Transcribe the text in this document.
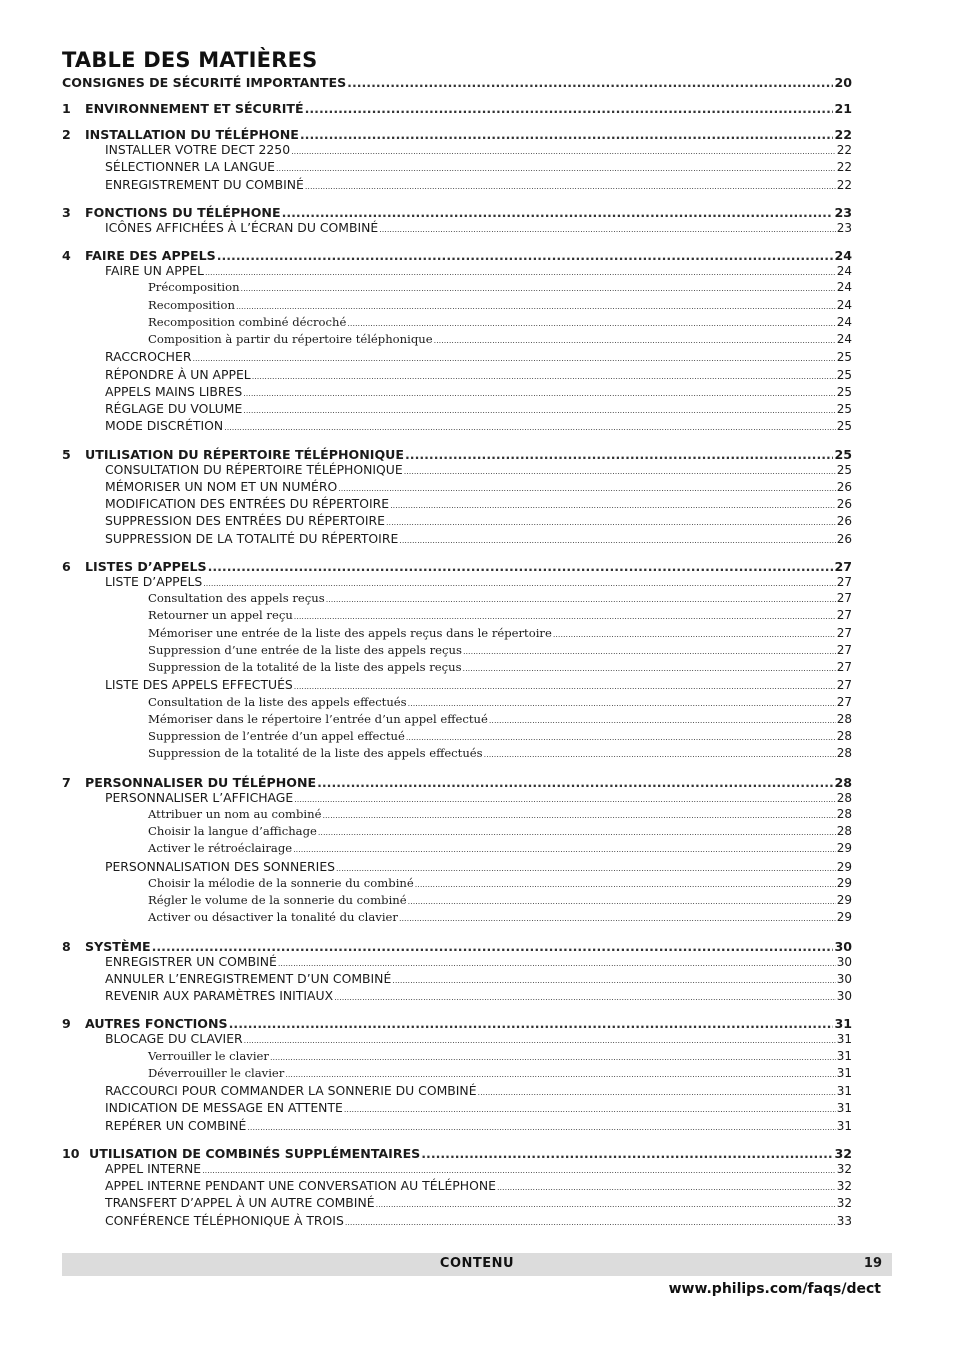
TABLE DES MATIÈRES
CONSIGNES DE SÉCURITÉ IMPORTANTES .....	20
1	ENVIRONNEMENT ET SÉCURITÉ .....	21
2	INSTALLATION DU TÉLÉPHONE .....	22
INSTALLER VOTRE DECT 2250 .....	22
SÉLECTIONNER LA LANGUE .....	22
ENREGISTREMENT DU COMBINÉ .....	22
3	FONCTIONS DU TÉLÉPHONE .....	23
ICÔNES AFFICHÉES À L’ÉCRAN DU COMBINÉ .....	23
4	FAIRE DES APPELS .....	24
FAIRE UN APPEL .....	24
Précomposition .....	24
Recomposition .....	24
Recomposition combiné décroché .....	24
Composition à partir du répertoire téléphonique .....	24
RACCROCHER .....	25
RÉPONDRE À UN APPEL .....	25
APPELS MAINS LIBRES .....	25
RÉGLAGE DU VOLUME .....	25
MODE DISCRÉTION .....	25
5	UTILISATION DU RÉPERTOIRE TÉLÉPHONIQUE .....	25
CONSULTATION DU RÉPERTOIRE TÉLÉPHONIQUE .....	25
MÉMORISER UN NOM ET UN NUMÉRO .....	26
MODIFICATION DES ENTRÉES DU RÉPERTOIRE .....	26
SUPPRESSION DES ENTRÉES DU RÉPERTOIRE .....	26
SUPPRESSION DE LA TOTALITÉ DU RÉPERTOIRE .....	26
6	LISTES D’APPELS .....	27
LISTE D’APPELS .....	27
Consultation des appels reçus .....	27
Retourner un appel reçu .....	27
Mémoriser une entrée de la liste des appels reçus dans le répertoire .....	27
Suppression d’une entrée de la liste des appels reçus .....	27
Suppression de la totalité de la liste des appels reçus .....	27
LISTE DES APPELS EFFECTUÉS .....	27
Consultation de la liste des appels effectués .....	27
Mémoriser dans le répertoire l’entrée d’un appel effectué .....	28
Suppression de l’entrée d’un appel effectué .....	28
Suppression de la totalité de la liste des appels effectués .....	28
7	PERSONNALISER DU TÉLÉPHONE .....	28
PERSONNALISER L’AFFICHAGE .....	28
Attribuer un nom au combiné .....	28
Choisir la langue d’affichage .....	28
Activer le rétroéclairage .....	29
PERSONNALISATION DES SONNERIES .....	29
Choisir la mélodie de la sonnerie du combiné .....	29
Régler le volume de la sonnerie du combiné .....	29
Activer ou désactiver la tonalité du clavier .....	29
8	SYSTÈME .....	30
ENREGISTRER UN COMBINÉ .....	30
ANNULER L’ENREGISTREMENT D’UN COMBINÉ .....	30
REVENIR AUX PARAMÈTRES INITIAUX .....	30
9	AUTRES FONCTIONS .....	31
BLOCAGE DU CLAVIER .....	31
Verrouiller le clavier .....	31
Déverrouiller le clavier .....	31
RACCOURCI POUR COMMANDER LA SONNERIE DU COMBINÉ .....	31
INDICATION DE MESSAGE EN ATTENTE .....	31
REPÉRER UN COMBINÉ .....	31
10 UTILISATION DE COMBINÉS SUPPLÉMENTAIRES .....	32
APPEL INTERNE .....	32
APPEL INTERNE PENDANT UNE CONVERSATION AU TÉLÉPHONE .....	32
TRANSFERT D’APPEL À UN AUTRE COMBINÉ .....	32
CONFÉRENCE TÉLÉPHONIQUE À TROIS .....	33
CONTENU	19
www.philips.com/faqs/dect
